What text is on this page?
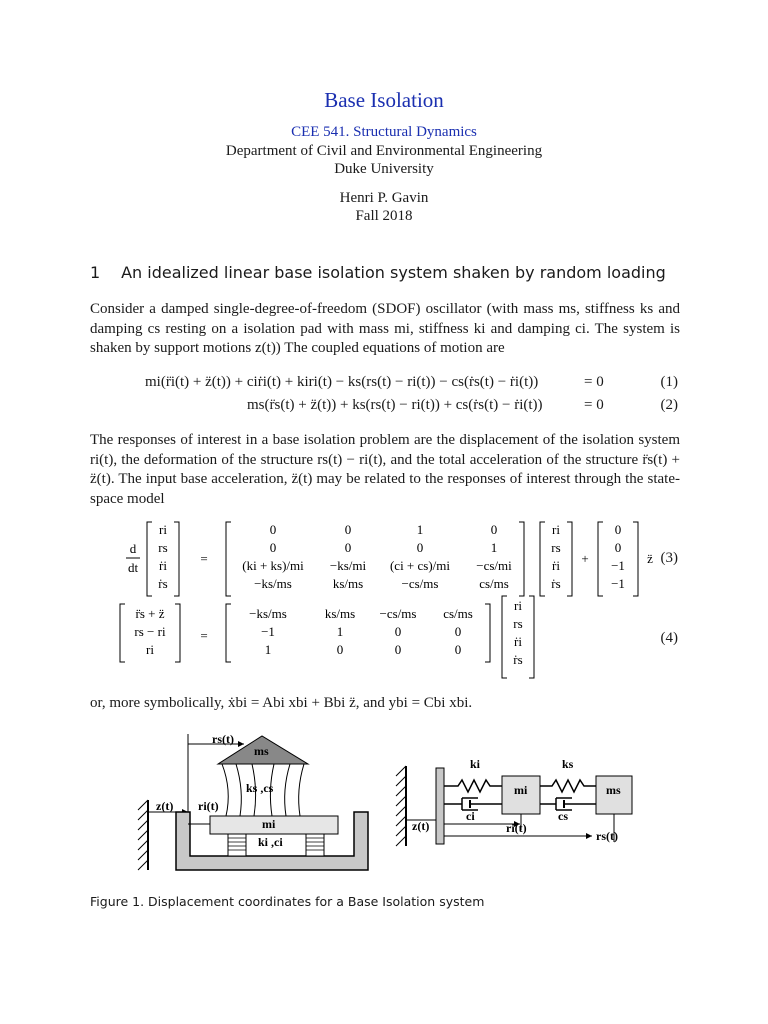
Base Isolation
CEE 541. Structural Dynamics
Department of Civil and Environmental Engineering
Duke University
Henri P. Gavin
Fall 2018
1 An idealized linear base isolation system shaken by random loading
Consider a damped single-degree-of-freedom (SDOF) oscillator (with mass ms, stiffness ks and damping cs resting on a isolation pad with mass mi, stiffness ki and damping ci. The system is shaken by support motions z(t)) The coupled equations of motion are
mi(r̈i(t) + z̈(t)) + ciṙi(t) + kiri(t) − ks(rs(t) − ri(t)) − cs(ṙs(t) − ṙi(t))	= 0	(1)
ms(r̈s(t) + z̈(t)) + ks(rs(t) − ri(t)) + cs(ṙs(t) − ṙi(t))	= 0	(2)
The responses of interest in a base isolation problem are the displacement of the isolation system ri(t), the deformation of the structure rs(t) − ri(t), and the total acceleration of the structure r̈s(t) + z̈(t). The input base acceleration, z̈(t) may be related to the responses of interest through the state-space model
d
dt
ri
rs
ṙi
ṙs
=
0	0	1	0
0	0	0	1
(ki + ks)/mi −ks/mi (ci + cs)/mi −cs/mi
−ks/ms	ks/ms	−cs/ms	cs/ms
ri
rs
ṙi
ṙs
+
0
0
−1
−1
z̈
r̈s + z̈
rs − ri
ri
=
−ks/ms	ks/ms −cs/ms cs/ms
−1	1	0	0
1	0	0	0
ri
rs
ṙi
ṙs
(3)
(4)
or, more symbolically, ẋbi = Abi xbi + Bbi z̈, and ybi = Cbi xbi.
rs(t)
ms
ks ,cs
z(t) ri(t)
mi
ki ,ci
ki	ks
mi	ms
ci	cs
z(t)	ri(t)
rs(t)
Figure 1. Displacement coordinates for a Base Isolation system
